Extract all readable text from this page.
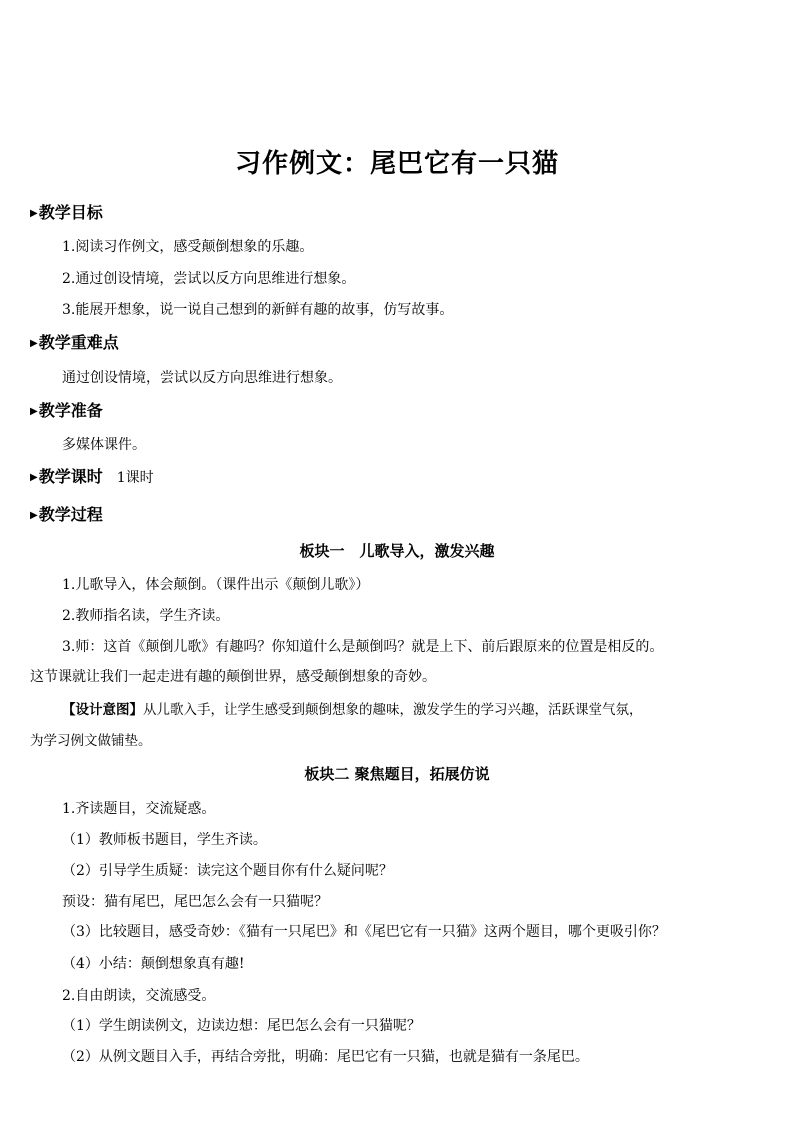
习作例文：尾巴它有一只猫
▶教学目标
1.阅读习作例文，感受颠倒想象的乐趣。
2.通过创设情境，尝试以反方向思维进行想象。
3.能展开想象，说一说自己想到的新鲜有趣的故事，仿写故事。
▶教学重难点
通过创设情境，尝试以反方向思维进行想象。
▶教学准备
多媒体课件。
▶教学课时 1课时
▶教学过程
板块一　儿歌导入，激发兴趣
1.儿歌导入，体会颠倒。（课件出示《颠倒儿歌》）
2.教师指名读，学生齐读。
3.师：这首《颠倒儿歌》有趣吗？你知道什么是颠倒吗？就是上下、前后跟原来的位置是相反的。
这节课就让我们一起走进有趣的颠倒世界，感受颠倒想象的奇妙。
【设计意图】从儿歌入手，让学生感受到颠倒想象的趣味，激发学生的学习兴趣，活跃课堂气氛，
为学习例文做铺垫。
板块二 聚焦题目，拓展仿说
1.齐读题目，交流疑惑。
（1）教师板书题目，学生齐读。
（2）引导学生质疑：读完这个题目你有什么疑问呢？
预设：猫有尾巴，尾巴怎么会有一只猫呢？
（3）比较题目，感受奇妙：《猫有一只尾巴》和《尾巴它有一只猫》这两个题目，哪个更吸引你？
（4）小结：颠倒想象真有趣!
2.自由朗读，交流感受。
（1）学生朗读例文，边读边想：尾巴怎么会有一只猫呢？
（2）从例文题目入手，再结合旁批，明确：尾巴它有一只猫，也就是猫有一条尾巴。
